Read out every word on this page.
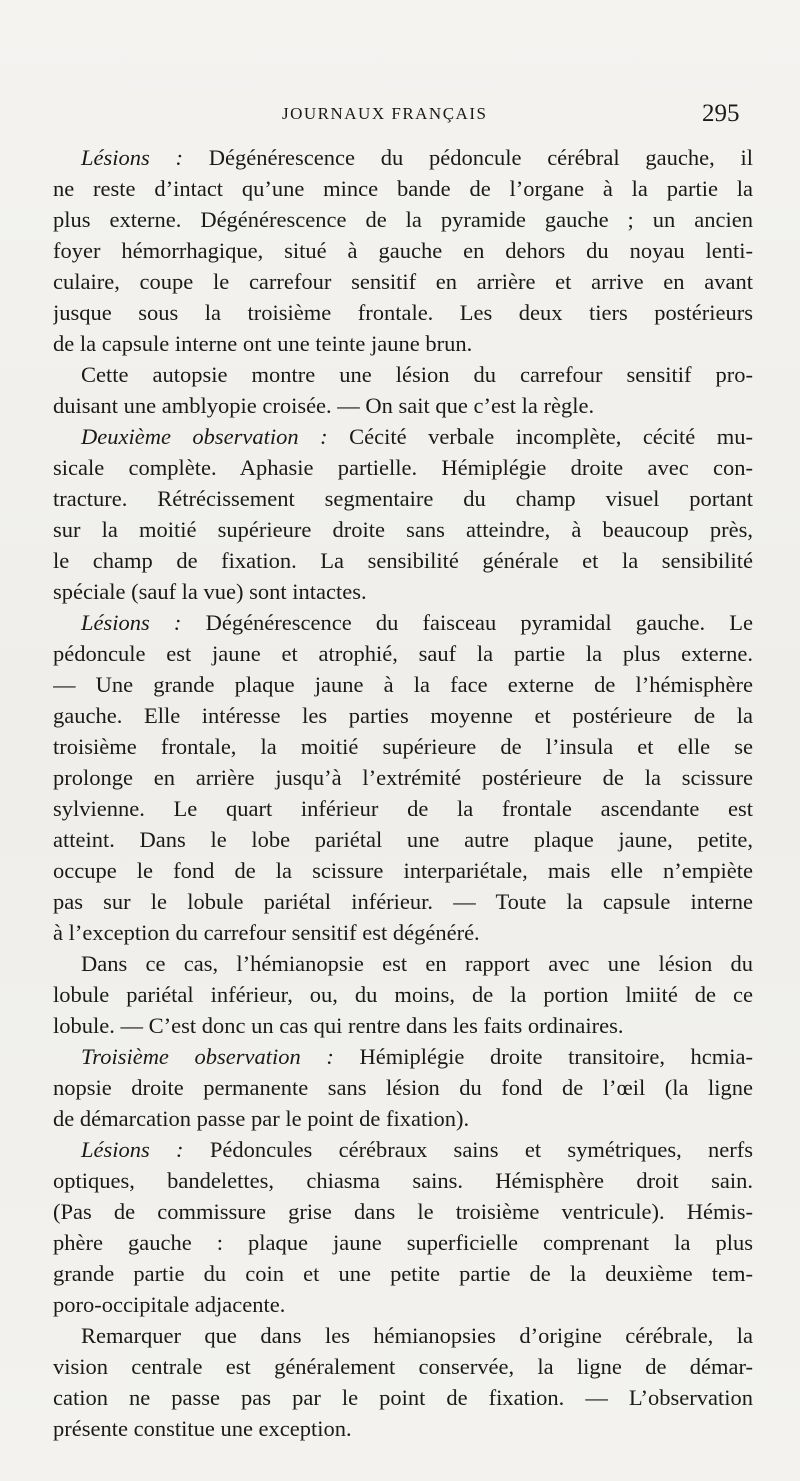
JOURNAUX FRANÇAIS	295
Lésions : Dégénérescence du pédoncule cérébral gauche, il
ne reste d’intact qu’une mince bande de l’organe à la partie la
plus externe. Dégénérescence de la pyramide gauche ; un ancien
foyer hémorrhagique, situé à gauche en dehors du noyau lenti-
culaire, coupe le carrefour sensitif en arrière et arrive en avant
jusque sous la troisième frontale. Les deux tiers postérieurs
de la capsule interne ont une teinte jaune brun.
Cette autopsie montre une lésion du carrefour sensitif pro-
duisant une amblyopie croisée. — On sait que c’est la règle.
Deuxième observation : Cécité verbale incomplète, cécité mu-
sicale complète. Aphasie partielle. Hémiplégie droite avec con-
tracture. Rétrécissement segmentaire du champ visuel portant
sur la moitié supérieure droite sans atteindre, à beaucoup près,
le champ de fixation. La sensibilité générale et la sensibilité
spéciale (sauf la vue) sont intactes.
Lésions : Dégénérescence du faisceau pyramidal gauche. Le
pédoncule est jaune et atrophié, sauf la partie la plus externe.
— Une grande plaque jaune à la face externe de l’hémisphère
gauche. Elle intéresse les parties moyenne et postérieure de la
troisième frontale, la moitié supérieure de l’insula et elle se
prolonge en arrière jusqu’à l’extrémité postérieure de la scissure
sylvienne. Le quart inférieur de la frontale ascendante est
atteint. Dans le lobe pariétal une autre plaque jaune, petite,
occupe le fond de la scissure interpariétale, mais elle n’empiète
pas sur le lobule pariétal inférieur. — Toute la capsule interne
à l’exception du carrefour sensitif est dégénéré.
Dans ce cas, l’hémianopsie est en rapport avec une lésion du
lobule pariétal inférieur, ou, du moins, de la portion lmiité de ce
lobule. — C’est donc un cas qui rentre dans les faits ordinaires.
Troisième observation : Hémiplégie droite transitoire, hcmia-
nopsie droite permanente sans lésion du fond de l’œil (la ligne
de démarcation passe par le point de fixation).
Lésions : Pédoncules cérébraux sains et symétriques, nerfs
optiques, bandelettes, chiasma sains. Hémisphère droit sain.
(Pas de commissure grise dans le troisième ventricule). Hémis-
phère gauche : plaque jaune superficielle comprenant la plus
grande partie du coin et une petite partie de la deuxième tem-
poro-occipitale adjacente.
Remarquer que dans les hémianopsies d’origine cérébrale, la
vision centrale est généralement conservée, la ligne de démar-
cation ne passe pas par le point de fixation. — L’observation
présente constitue une exception.
